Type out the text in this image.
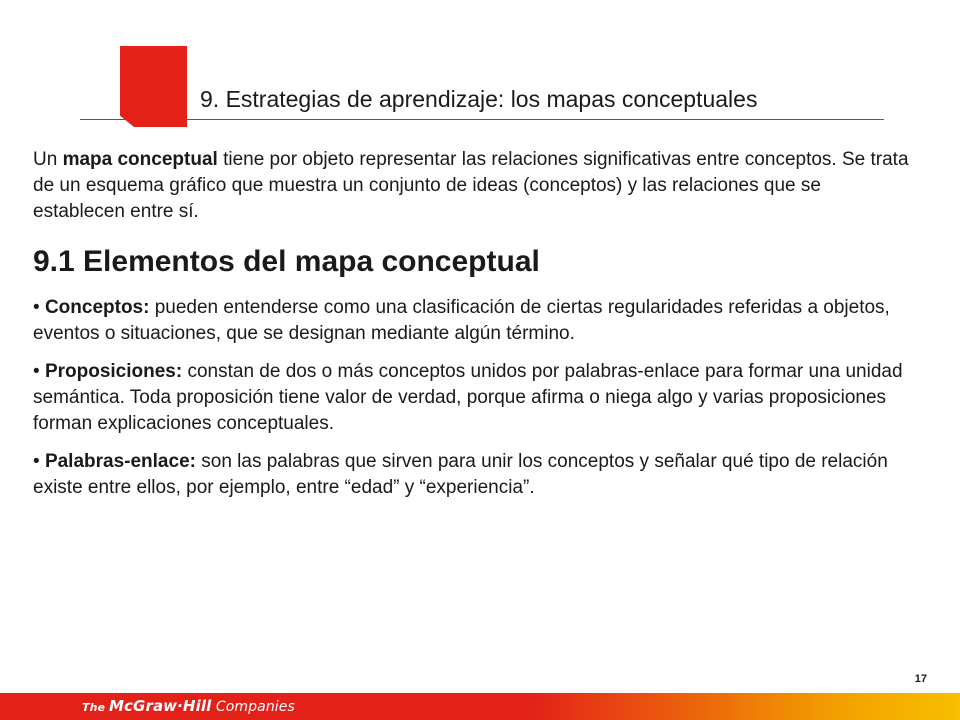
9. Estrategias de aprendizaje: los mapas conceptuales

Un mapa conceptual tiene por objeto representar las relaciones significativas entre conceptos. Se trata de un esquema gráfico que muestra un conjunto de ideas (conceptos) y las relaciones que se establecen entre sí.

9.1 Elementos del mapa conceptual

• Conceptos: pueden entenderse como una clasificación de ciertas regularidades referidas a objetos, eventos o situaciones, que se designan mediante algún término.

• Proposiciones: constan de dos o más conceptos unidos por palabras-enlace para formar una unidad semántica. Toda proposición tiene valor de verdad, porque afirma o niega algo y varias proposiciones forman explicaciones conceptuales.

• Palabras-enlace: son las palabras que sirven para unir los conceptos y señalar qué tipo de relación existe entre ellos, por ejemplo, entre “edad” y “experiencia”.

17
The McGraw·Hill Companies
